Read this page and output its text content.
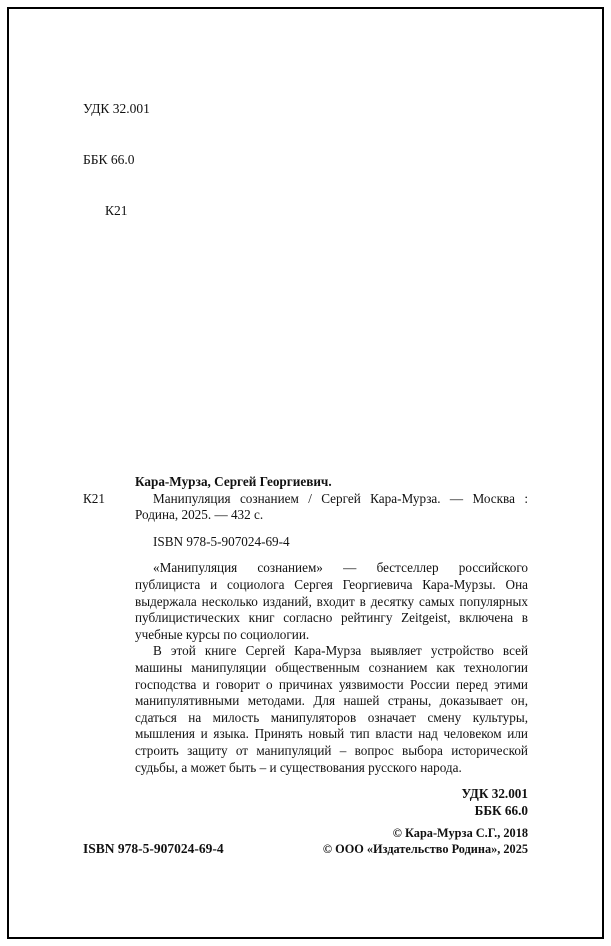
УДК 32.001

ББК 66.0

К21

К21

Кара-Мурза, Сергей Георгиевич.

Манипуляция сознанием / Сергей Кара-Мурза. — Москва : Родина, 2025. — 432 с.

ISBN 978-5-907024-69-4

«Манипуляция сознанием» — бестселлер российского публициста и социолога Сергея Георгиевича Кара-Мурзы. Она выдержала несколько изданий, входит в десятку самых популярных публицистических книг согласно рейтингу Zeitgeist, включена в учебные курсы по социологии.

В этой книге Сергей Кара-Мурза выявляет устройство всей машины манипуляции общественным сознанием как технологии господства и говорит о причинах уязвимости России перед этими манипулятивными методами. Для нашей страны, доказывает он, сдаться на милость манипуляторов означает смену культуры, мышления и языка. Принять новый тип власти над человеком или строить защиту от манипуляций – вопрос выбора исторической судьбы, а может быть – и существования русского народа.

УДК 32.001
ББК 66.0
ISBN 978-5-907024-69-4
© Кара-Мурза С.Г., 2018
© ООО «Издательство Родина», 2025
